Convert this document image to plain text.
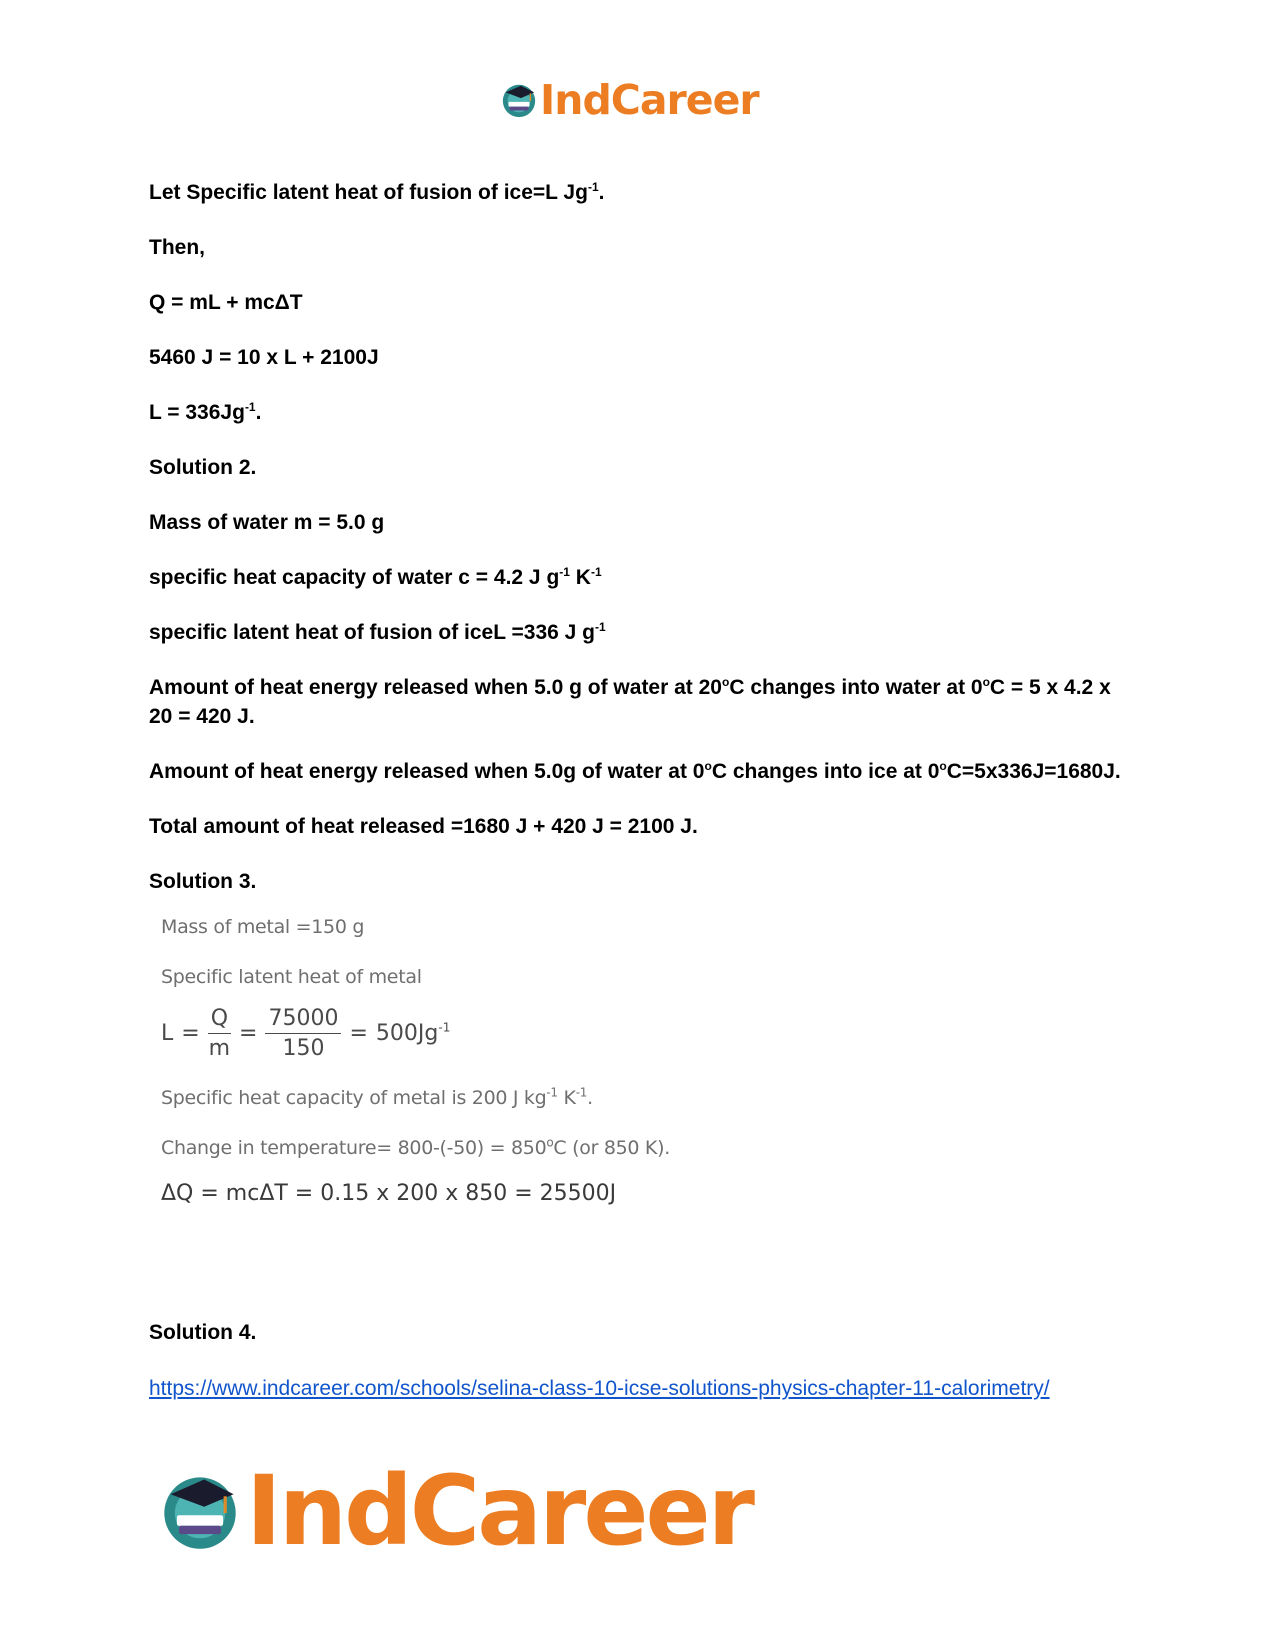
IndCareer
Let Specific latent heat of fusion of ice=L $Jg^{-1}$.
Then,
Q = mL + mcΔT
5460 J = 10 x L + 2100J
$L = 336Jg^{-1}$.
Solution 2.
Mass of water m = 5.0 g
specific heat capacity of water c = 4.2 J $g^{-1}$ $K^{-1}$
specific latent heat of fusion of iceL =336 J $g^{-1}$
Amount of heat energy released when 5.0 g of water at 20$^o$C changes into water at $0^oC = 5$ x 4.2 x 20 = 420 J.
Amount of heat energy released when 5.0g of water at 0$^o$C changes into ice at $0^oC=5x336J=1680J$.
Total amount of heat released =1680 J + 420 J = 2100 J.
Solution 3.
Mass of metal =150 g
Specific latent heat of metal
$L = \frac{Q}{m} = \frac{75000}{150} = 500Jg^{-1}$
Specific heat capacity of metal is 200 J $kg^{-1}$ $K^{-1}$.
Change in temperature= $800-(-50) = 850^oC$ (or 850 K).
ΔQ = mcΔT = 0.15 x 200 x 850 = 25500J
Solution 4.
https://www.indcareer.com/schools/selina-class-10-icse-solutions-physics-chapter-11-calorimetry/
IndCareer
